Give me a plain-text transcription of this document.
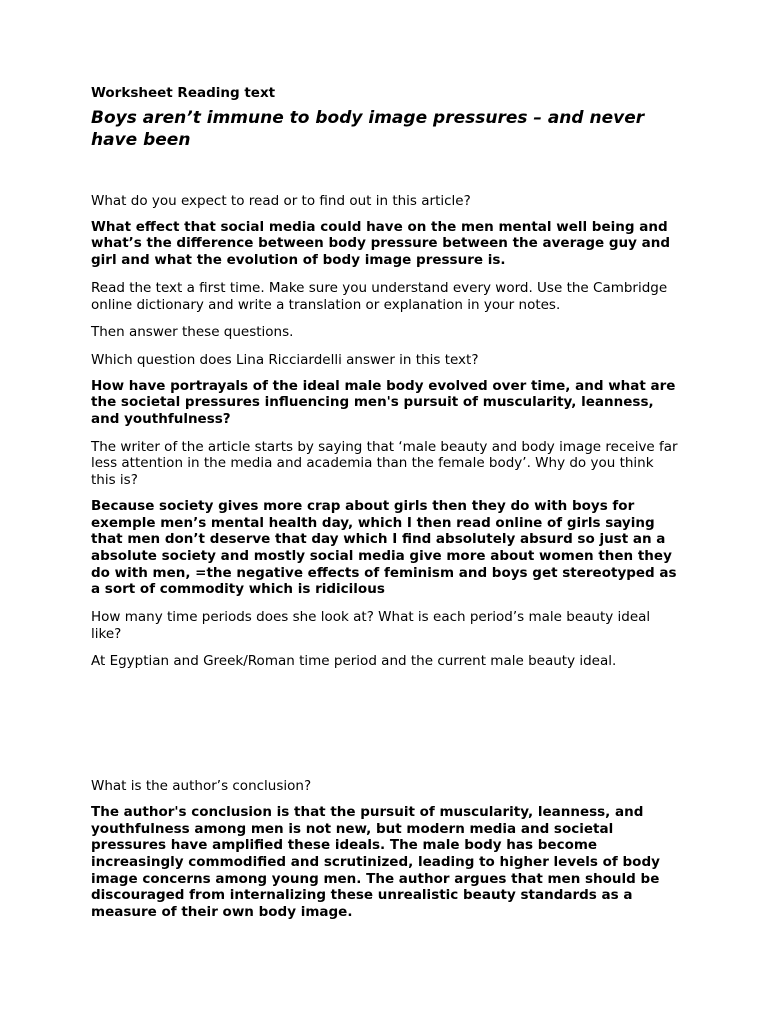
Worksheet Reading text

Boys aren’t immune to body image pressures – and never have been

What do you expect to read or to find out in this article?

What effect that social media could have on the men mental well being and what’s the difference between body pressure between the average guy and girl and what the evolution of body image pressure is.

Read the text a first time. Make sure you understand every word. Use the Cambridge online dictionary and write a translation or explanation in your notes.

Then answer these questions.

Which question does Lina Ricciardelli answer in this text?

How have portrayals of the ideal male body evolved over time, and what are the societal pressures influencing men's pursuit of muscularity, leanness, and youthfulness?

The writer of the article starts by saying that ‘male beauty and body image receive far less attention in the media and academia than the female body’. Why do you think this is?

Because society gives more crap about girls then they do with boys for exemple men’s mental health day, which I then read online of girls saying that men don’t deserve that day which I find absolutely absurd so just an a absolute society and mostly social media give more about women then they do with men, =the negative effects of feminism and boys get stereotyped as a sort of commodity which is ridicilous

How many time periods does she look at? What is each period’s male beauty ideal like?

At Egyptian and Greek/Roman time period and the current male beauty ideal.

What is the author’s conclusion?

The author's conclusion is that the pursuit of muscularity, leanness, and youthfulness among men is not new, but modern media and societal pressures have amplified these ideals. The male body has become increasingly commodified and scrutinized, leading to higher levels of body image concerns among young men. The author argues that men should be discouraged from internalizing these unrealistic beauty standards as a measure of their own body image.
